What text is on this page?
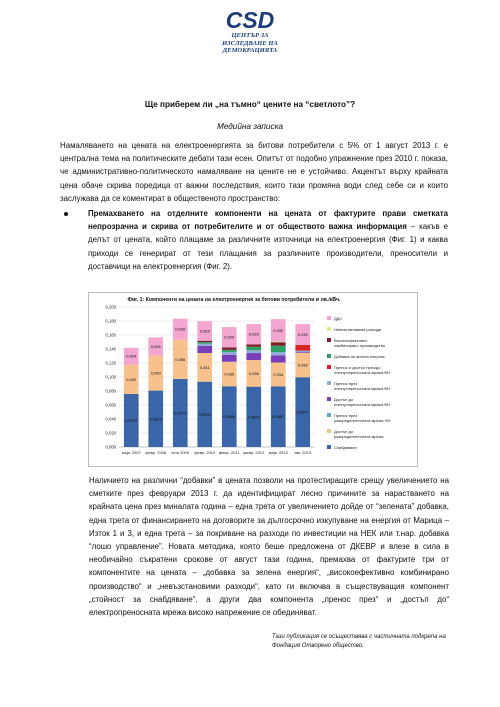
CSD
ЦЕНТЪР ЗА
ИЗСЛЕДВАНЕ НА
ДЕМОКРАЦИЯТА
Ще приберем ли „на тъмно“ цените на “светлото”?
Медийна записка
Намаляването на цената на електроенергията за битови потребители с 5% от 1 август 2013 г. е централна тема на политическите дебати тази есен. Опитът от подобно упражнение през 2010 г. показа, че административно-политическото намаляване на цените не е устойчиво. Акцентът върху крайната цена обаче скрива поредица от важни последствия, които тази промяна води след себе си и които заслужава да се коментират в общественото пространство:
Премахването на отделните компоненти на цената от фактурите прави сметката непрозрачна и скрива от потребителите и от обществото важна информация – какъв е делът от цената, който плащаме за различните източници на електроенергия (Фиг. 1) и каква приходи се генерират от тези плащания за различните производители, преносители и доставчици на електроенергия (Фиг. 2).
Фиг. 1: Компоненти на цената на електроенергия за битови потребители в лв./кВч.
0,000
0,020
0,040
0,060
0,080
0,100
0,120
0,140
0,160
0,180
0,200
0,0757
0,042
0,024
март 2007
0,0806
0,050
0,026
февр. 2008
0,0973
0,056
0,030
юли 2009
0,0933
0,041
0,028
февр. 2010
0,0868
0,035
0,029
февр. 2011
0,0862
0,038
0,029
февр. 2012
0,0867
0,034
0,032
март 2013
0,0997
0,035
0,030
авг. 2013
ДДС
Невъзстановими разходи
Високоефективно
комбинирано производство
Добавка за зелена енергия
Пренос и достъп през/до
електропреносната мрежа ВН
Пренос през
електропреносната мрежа ВН
Достъп до
електропреносната мрежа ВН
Пренос през
разпределителната мрежа НН
Достъп до
разпределителната мрежа
Снабдяване
Наличието на различни “добавки” в цената позволи на протестиращите срещу увеличението на сметките през февруари 2013 г. да идентифицират лесно причините за нарастването на крайната цена през миналата година – една трета от увеличението дойде от “зелената” добавка, една трета от финансирането на договорите за дългосрочно изкупуване на енергия от Марица – Изток 1 и 3, и една трета – за покриване на разходи по инвестиции на НЕК или т.нар. добавка “лошо управление”. Новата методика, която беше предложена от ДКЕВР и влезе в сила в необичайно съкратени срокове от август тази година, премахва от фактурите три от компонентите на цената – „добавка за зелена енергия“, „високоефективно комбинирано производство“ и „невъзстановими разходи“, като ги включва в съществуващия компонент „стойност за снабдяване“, а други два компонента „пренос през“ и „достъп до“ електропреносната мрежа високо напрежение се обединяват.
Тази публикация се осъществява с частичната подкрепа на Фондация Отворено общество.
